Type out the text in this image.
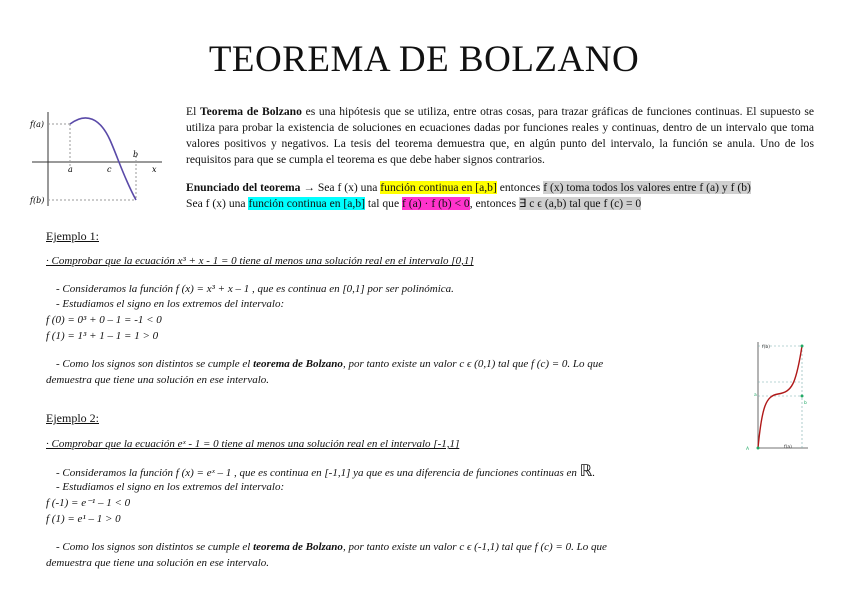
TEOREMA DE BOLZANO
f(a)
f(b)
a	c
b
x
El Teorema de Bolzano es una hipótesis que se utiliza, entre otras cosas, para trazar gráficas de funciones continuas. El supuesto se utiliza para probar la existencia de soluciones en ecuaciones dadas por funciones reales y continuas, dentro de un intervalo que toma valores positivos y negativos. La tesis del teorema demuestra que, en algún punto del intervalo, la función se anula. Uno de los requisitos para que se cumpla el teorema es que debe haber signos contrarios.
Enunciado del teorema → Sea f (x) una función continua en [a,b] entonces f (x) toma todos los valores entre f (a) y f (b)
Sea f (x) una función continua en [a,b] tal que f (a) · f (b) < 0, entonces ∃ c ϵ (a,b) tal que f (c) = 0
Ejemplo 1:
· Comprobar que la ecuación x³ + x - 1 = 0 tiene al menos una solución real en el intervalo [0,1]
- Consideramos la función f (x) = x³ + x – 1 , que es continua en [0,1] por ser polinómica.
- Estudiamos el signo en los extremos del intervalo:
f (0) = 0³ + 0 – 1 = -1 < 0
f (1) = 1³ + 1 – 1 = 1 > 0
- Como los signos son distintos se cumple el teorema de Bolzano, por tanto existe un valor c ϵ (0,1) tal que f (c) = 0. Lo que
demuestra que tiene una solución en ese intervalo.
f(b)
f(a)
a
b
A
Ejemplo 2:
· Comprobar que la ecuación eˣ - 1 = 0 tiene al menos una solución real en el intervalo [-1,1]
- Consideramos la función f (x) = eˣ – 1 , que es continua en [-1,1] ya que es una diferencia de funciones continuas en ℝ.
- Estudiamos el signo en los extremos del intervalo:
f (-1) = e⁻¹ – 1 < 0
f (1) = e¹ – 1 > 0
- Como los signos son distintos se cumple el teorema de Bolzano, por tanto existe un valor c ϵ (-1,1) tal que f (c) = 0. Lo que
demuestra que tiene una solución en ese intervalo.
